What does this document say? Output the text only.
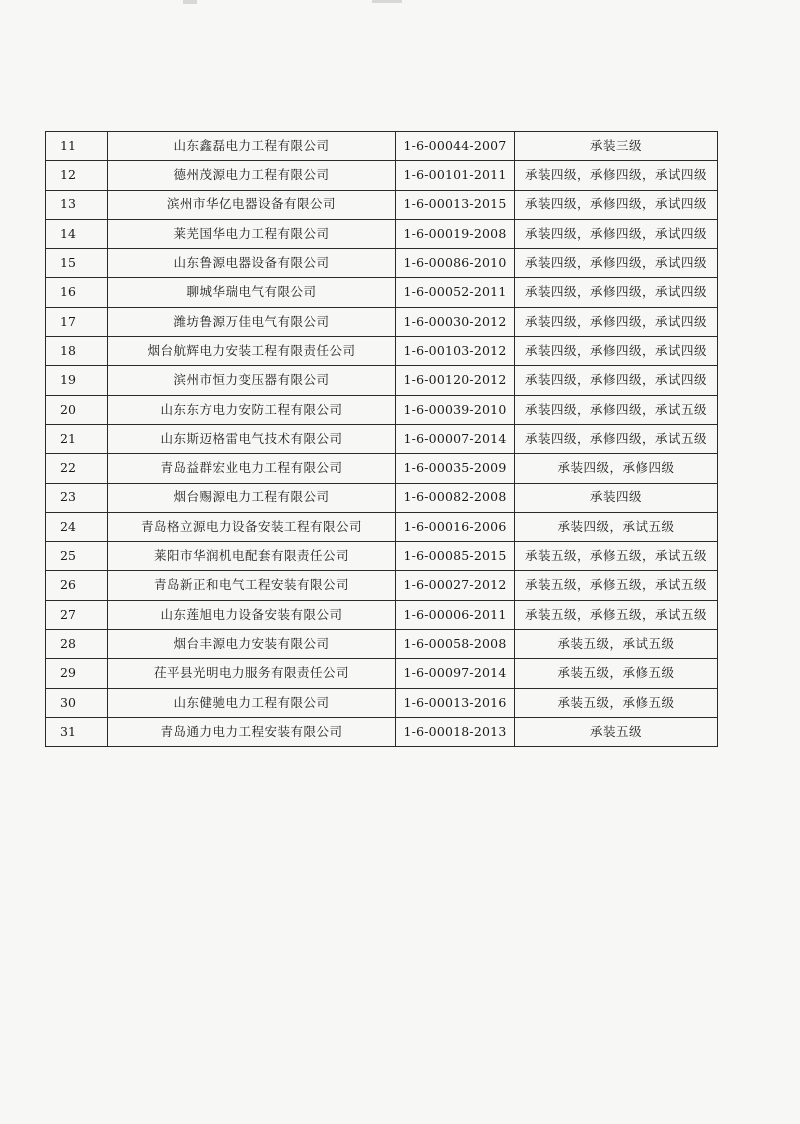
11	山东鑫磊电力工程有限公司	1-6-00044-2007	承装三级
12	德州茂源电力工程有限公司	1-6-00101-2011	承装四级，承修四级，承试四级
13	滨州市华亿电器设备有限公司	1-6-00013-2015	承装四级，承修四级，承试四级
14	莱芜国华电力工程有限公司	1-6-00019-2008	承装四级，承修四级，承试四级
15	山东鲁源电器设备有限公司	1-6-00086-2010	承装四级，承修四级，承试四级
16	聊城华瑞电气有限公司	1-6-00052-2011	承装四级，承修四级，承试四级
17	潍坊鲁源万佳电气有限公司	1-6-00030-2012	承装四级，承修四级，承试四级
18	烟台航辉电力安装工程有限责任公司	1-6-00103-2012	承装四级，承修四级，承试四级
19	滨州市恒力变压器有限公司	1-6-00120-2012	承装四级，承修四级，承试四级
20	山东东方电力安防工程有限公司	1-6-00039-2010	承装四级，承修四级，承试五级
21	山东斯迈格雷电气技术有限公司	1-6-00007-2014	承装四级，承修四级，承试五级
22	青岛益群宏业电力工程有限公司	1-6-00035-2009	承装四级，承修四级
23	烟台赐源电力工程有限公司	1-6-00082-2008	承装四级
24	青岛格立源电力设备安装工程有限公司	1-6-00016-2006	承装四级，承试五级
25	莱阳市华润机电配套有限责任公司	1-6-00085-2015	承装五级，承修五级，承试五级
26	青岛新正和电气工程安装有限公司	1-6-00027-2012	承装五级，承修五级，承试五级
27	山东莲旭电力设备安装有限公司	1-6-00006-2011	承装五级，承修五级，承试五级
28	烟台丰源电力安装有限公司	1-6-00058-2008	承装五级，承试五级
29	茌平县光明电力服务有限责任公司	1-6-00097-2014	承装五级，承修五级
30	山东健驰电力工程有限公司	1-6-00013-2016	承装五级，承修五级
31	青岛通力电力工程安装有限公司	1-6-00018-2013	承装五级
